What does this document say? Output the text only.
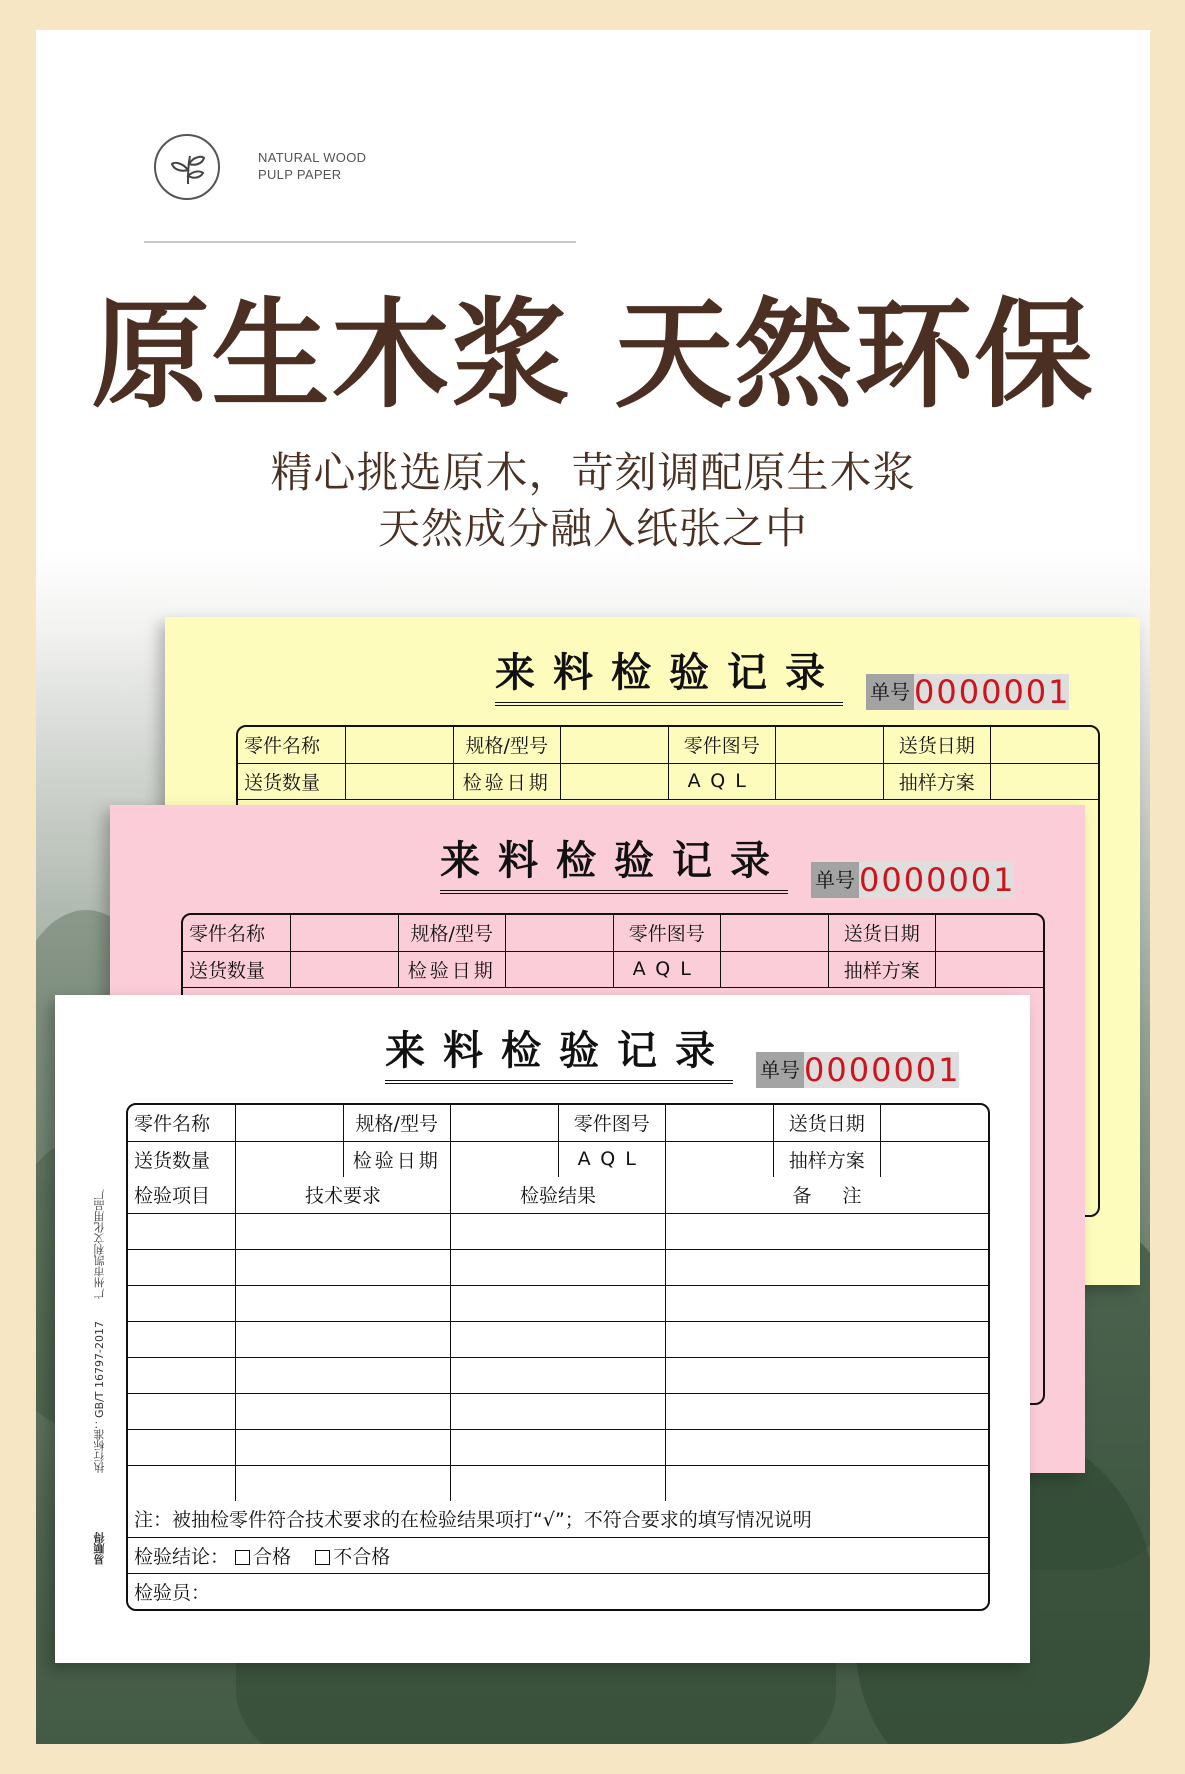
NATURAL WOOD
PULP PAPER
原生木浆 天然环保
精心挑选原木，苛刻调配原生木浆
天然成分融入纸张之中
来料检验记录 单号 0000001
零件名称		规格/型号		零件图号		送货日期	
送货数量		检验日期		AQL		抽样方案	

来料检验记录 单号 0000001
零件名称		规格/型号		零件图号		送货日期	
送货数量		检验日期		AQL		抽样方案	

来料检验记录 单号 0000001
执行标准：GB/T 16797-2017　　广州市凯利文化用品厂
易顺得
零件名称		规格/型号		零件图号		送货日期	
送货数量		检验日期		AQL		抽样方案	
检验项目	技术要求	检验结果	备 注

注：被抽检零件符合技术要求的在检验结果项打“√”；不符合要求的填写情况说明
检验结论： 合格 不合格
检验员：
